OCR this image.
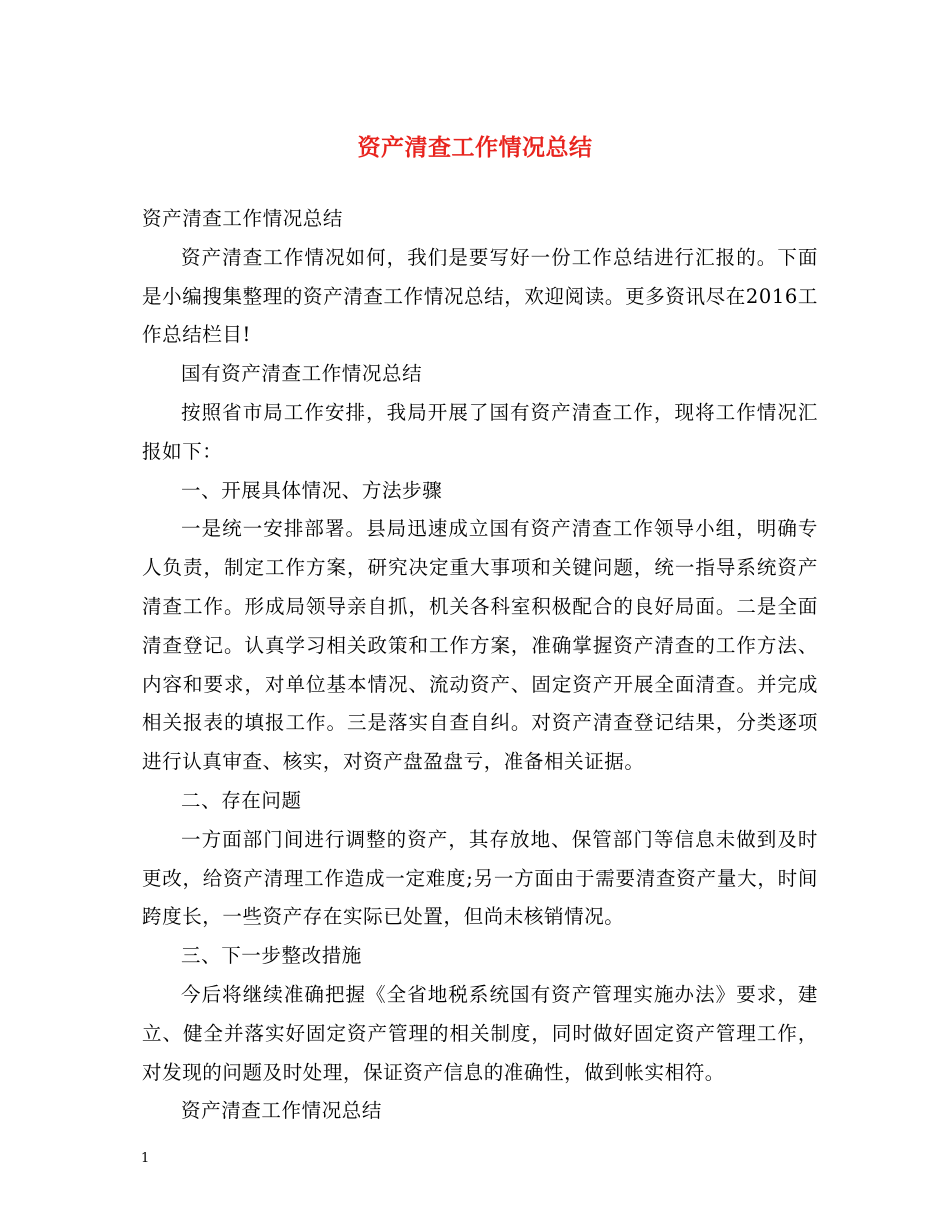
资产清查工作情况总结

资产清查工作情况总结

资产清查工作情况如何，我们是要写好一份工作总结进行汇报的。下面是小编搜集整理的资产清查工作情况总结，欢迎阅读。更多资讯尽在2016工作总结栏目!

国有资产清查工作情况总结

按照省市局工作安排，我局开展了国有资产清查工作，现将工作情况汇报如下：

一、开展具体情况、方法步骤

一是统一安排部署。县局迅速成立国有资产清查工作领导小组，明确专人负责，制定工作方案，研究决定重大事项和关键问题，统一指导系统资产清查工作。形成局领导亲自抓，机关各科室积极配合的良好局面。二是全面清查登记。认真学习相关政策和工作方案，准确掌握资产清查的工作方法、内容和要求，对单位基本情况、流动资产、固定资产开展全面清查。并完成相关报表的填报工作。三是落实自查自纠。对资产清查登记结果，分类逐项进行认真审查、核实，对资产盘盈盘亏，准备相关证据。

二、存在问题

一方面部门间进行调整的资产，其存放地、保管部门等信息未做到及时更改，给资产清理工作造成一定难度;另一方面由于需要清查资产量大，时间跨度长，一些资产存在实际已处置，但尚未核销情况。

三、下一步整改措施

今后将继续准确把握《全省地税系统国有资产管理实施办法》要求，建立、健全并落实好固定资产管理的相关制度，同时做好固定资产管理工作，对发现的问题及时处理，保证资产信息的准确性，做到帐实相符。

资产清查工作情况总结

1
